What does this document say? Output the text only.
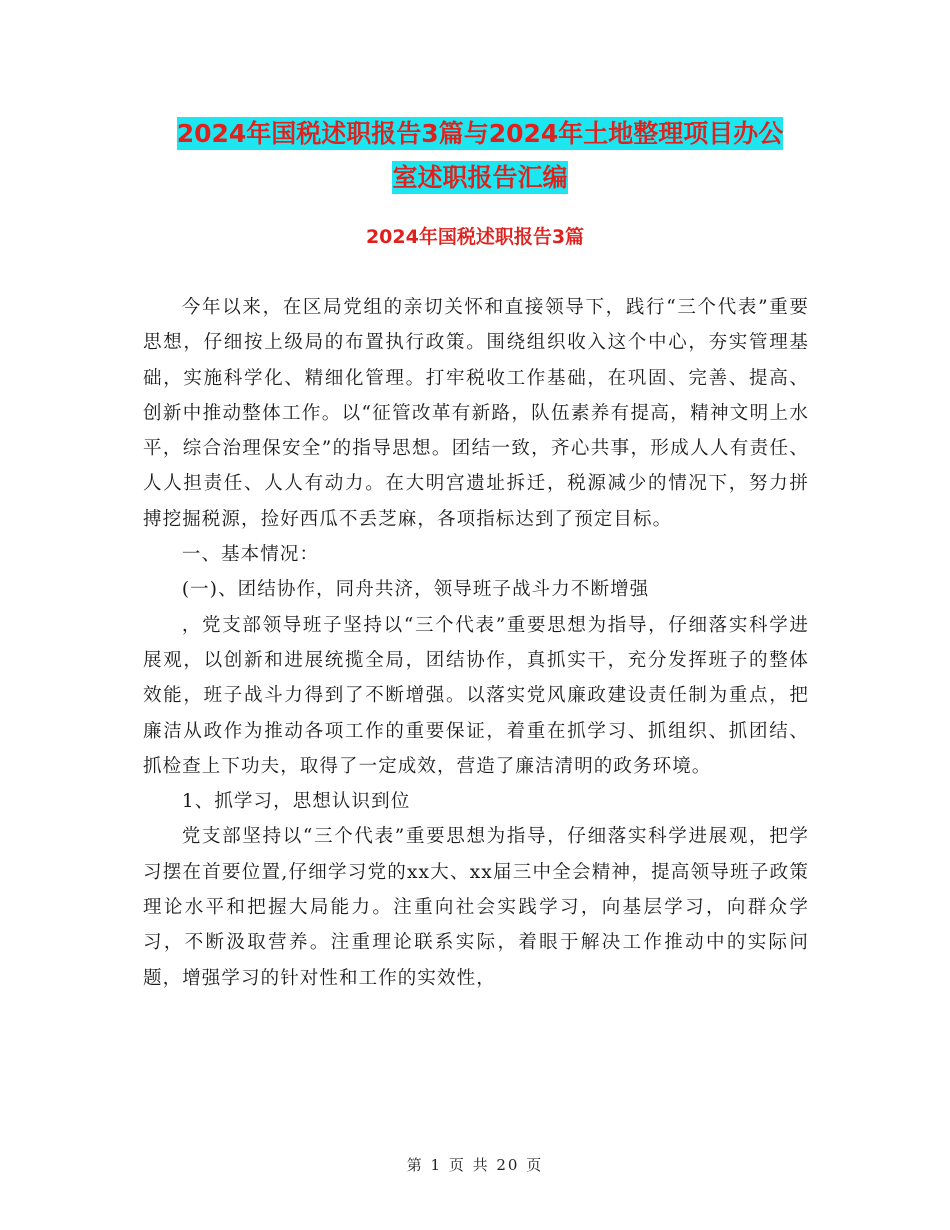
2024年国税述职报告3篇与2024年土地整理项目办公
室述职报告汇编
2024年国税述职报告3篇

今年以来，在区局党组的亲切关怀和直接领导下，践行“三个代表”重要思想，仔细按上级局的布置执行政策。围绕组织收入这个中心，夯实管理基础，实施科学化、精细化管理。打牢税收工作基础，在巩固、完善、提高、创新中推动整体工作。以“征管改革有新路，队伍素养有提高，精神文明上水平，综合治理保安全”的指导思想。团结一致，齐心共事，形成人人有责任、人人担责任、人人有动力。在大明宫遗址拆迁，税源减少的情况下，努力拼搏挖掘税源，捡好西瓜不丢芝麻，各项指标达到了预定目标。

一、基本情况：

(一)、团结协作，同舟共济，领导班子战斗力不断增强

，党支部领导班子坚持以“三个代表”重要思想为指导，仔细落实科学进展观，以创新和进展统揽全局，团结协作，真抓实干，充分发挥班子的整体效能，班子战斗力得到了不断增强。以落实党风廉政建设责任制为重点，把廉洁从政作为推动各项工作的重要保证，着重在抓学习、抓组织、抓团结、抓检查上下功夫，取得了一定成效，营造了廉洁清明的政务环境。

1、抓学习，思想认识到位

党支部坚持以“三个代表”重要思想为指导，仔细落实科学进展观，把学习摆在首要位置,仔细学习党的xx大、xx届三中全会精神，提高领导班子政策理论水平和把握大局能力。注重向社会实践学习，向基层学习，向群众学习，不断汲取营养。注重理论联系实际，着眼于解决工作推动中的实际问题，增强学习的针对性和工作的实效性，

第 1 页 共 20 页
